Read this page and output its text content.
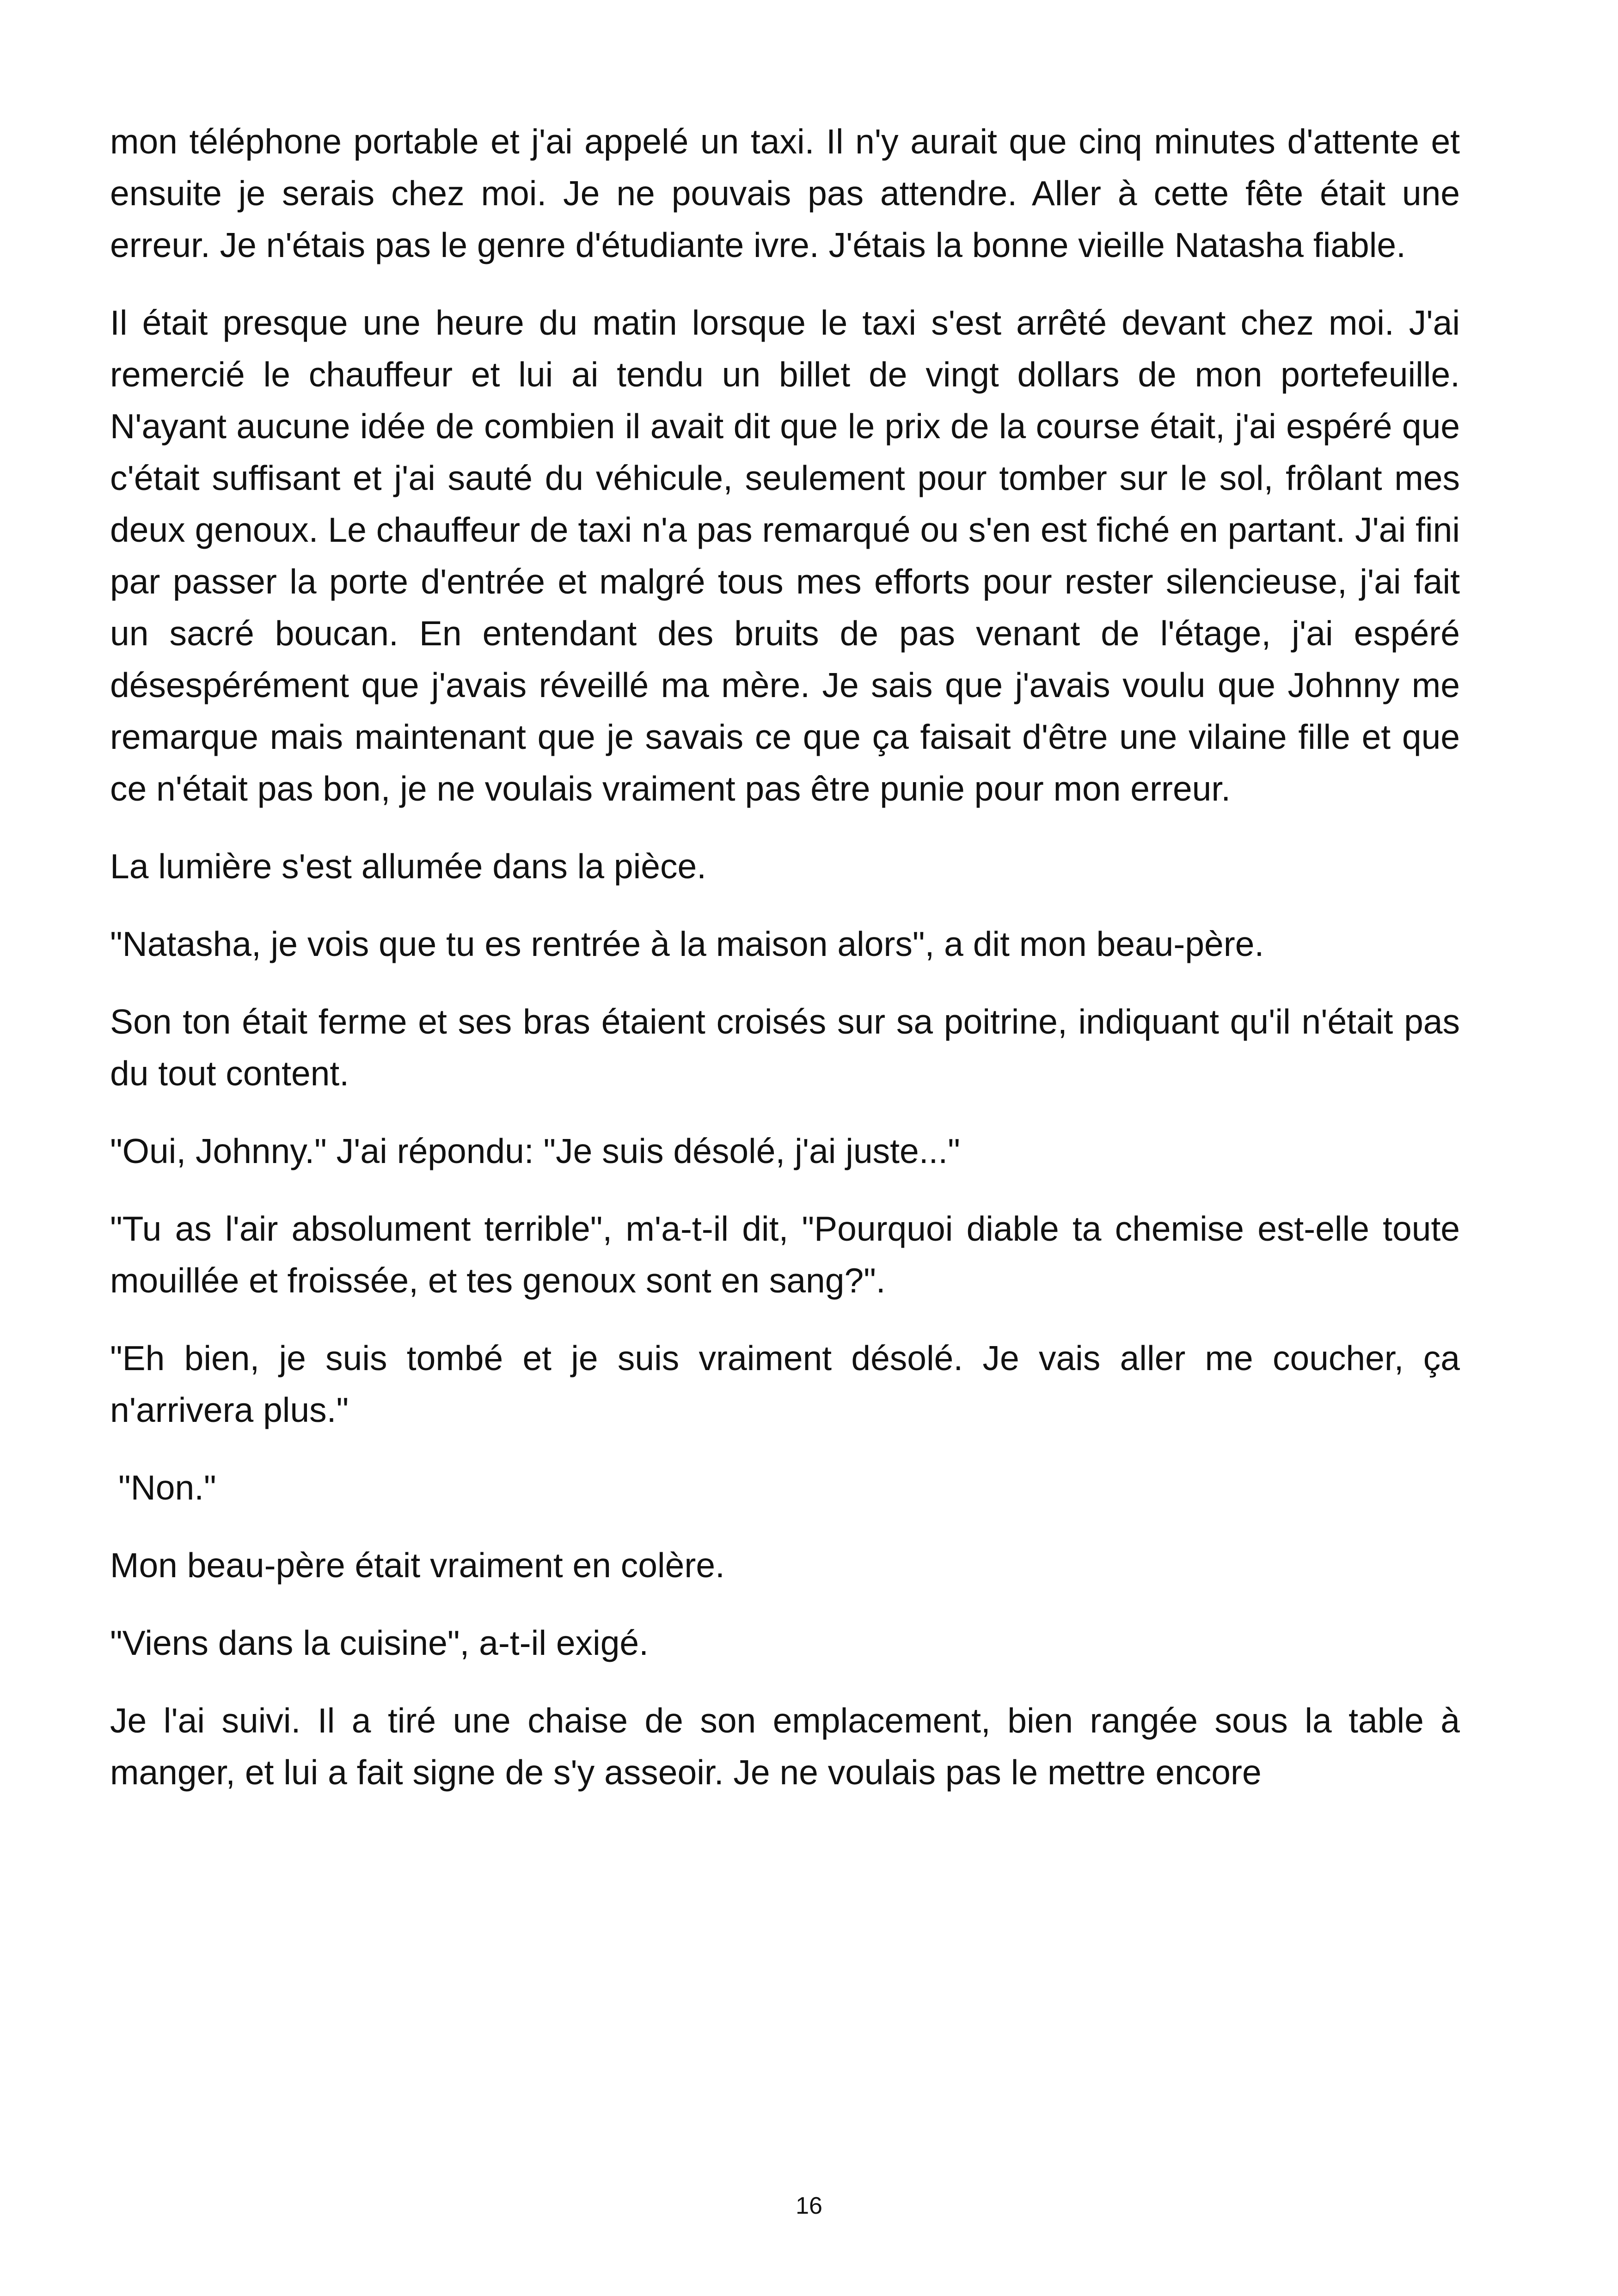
mon téléphone portable et j'ai appelé un taxi. Il n'y aurait que cinq minutes d'attente et ensuite je serais chez moi. Je ne pouvais pas attendre. Aller à cette fête était une erreur. Je n'étais pas le genre d'étudiante ivre. J'étais la bonne vieille Natasha fiable.

Il était presque une heure du matin lorsque le taxi s'est arrêté devant chez moi. J'ai remercié le chauffeur et lui ai tendu un billet de vingt dollars de mon portefeuille. N'ayant aucune idée de combien il avait dit que le prix de la course était, j'ai espéré que c'était suffisant et j'ai sauté du véhicule, seulement pour tomber sur le sol, frôlant mes deux genoux. Le chauffeur de taxi n'a pas remarqué ou s'en est fiché en partant. J'ai fini par passer la porte d'entrée et malgré tous mes efforts pour rester silencieuse, j'ai fait un sacré boucan. En entendant des bruits de pas venant de l'étage, j'ai espéré désespérément que j'avais réveillé ma mère. Je sais que j'avais voulu que Johnny me remarque mais maintenant que je savais ce que ça faisait d'être une vilaine fille et que ce n'était pas bon, je ne voulais vraiment pas être punie pour mon erreur.

La lumière s'est allumée dans la pièce.

"Natasha, je vois que tu es rentrée à la maison alors", a dit mon beau-père.

Son ton était ferme et ses bras étaient croisés sur sa poitrine, indiquant qu'il n'était pas du tout content.

"Oui, Johnny." J'ai répondu: "Je suis désolé, j'ai juste..."

"Tu as l'air absolument terrible", m'a-t-il dit, "Pourquoi diable ta chemise est-elle toute mouillée et froissée, et tes genoux sont en sang?".

"Eh bien, je suis tombé et je suis vraiment désolé. Je vais aller me coucher, ça n'arrivera plus."

"Non."

Mon beau-père était vraiment en colère.

"Viens dans la cuisine", a-t-il exigé.

Je l'ai suivi. Il a tiré une chaise de son emplacement, bien rangée sous la table à manger, et lui a fait signe de s'y asseoir. Je ne voulais pas le mettre encore

16
